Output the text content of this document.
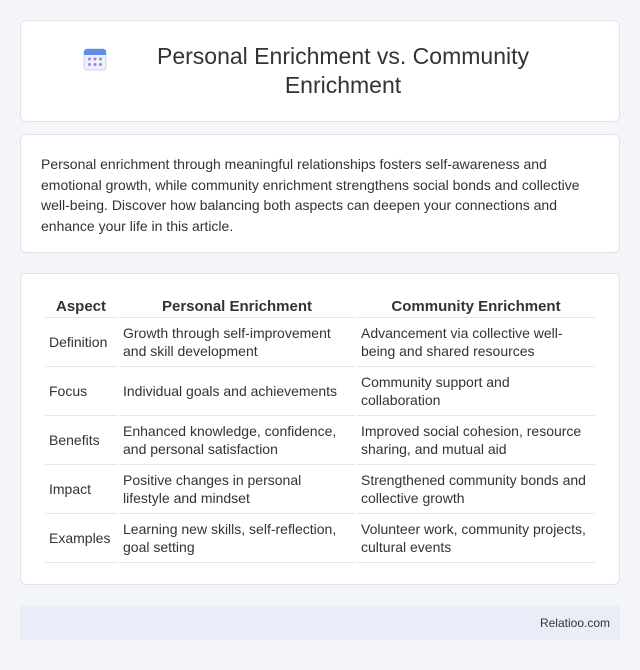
Personal Enrichment vs. Community Enrichment

Personal enrichment through meaningful relationships fosters self-awareness and emotional growth, while community enrichment strengthens social bonds and collective well-being. Discover how balancing both aspects can deepen your connections and enhance your life in this article.

Aspect	Personal Enrichment	Community Enrichment
Definition	Growth through self-improvement and skill development	Advancement via collective well-being and shared resources
Focus	Individual goals and achievements	Community support and collaboration
Benefits	Enhanced knowledge, confidence, and personal satisfaction	Improved social cohesion, resource sharing, and mutual aid
Impact	Positive changes in personal lifestyle and mindset	Strengthened community bonds and collective growth
Examples	Learning new skills, self-reflection, goal setting	Volunteer work, community projects, cultural events
Relatioo.com
